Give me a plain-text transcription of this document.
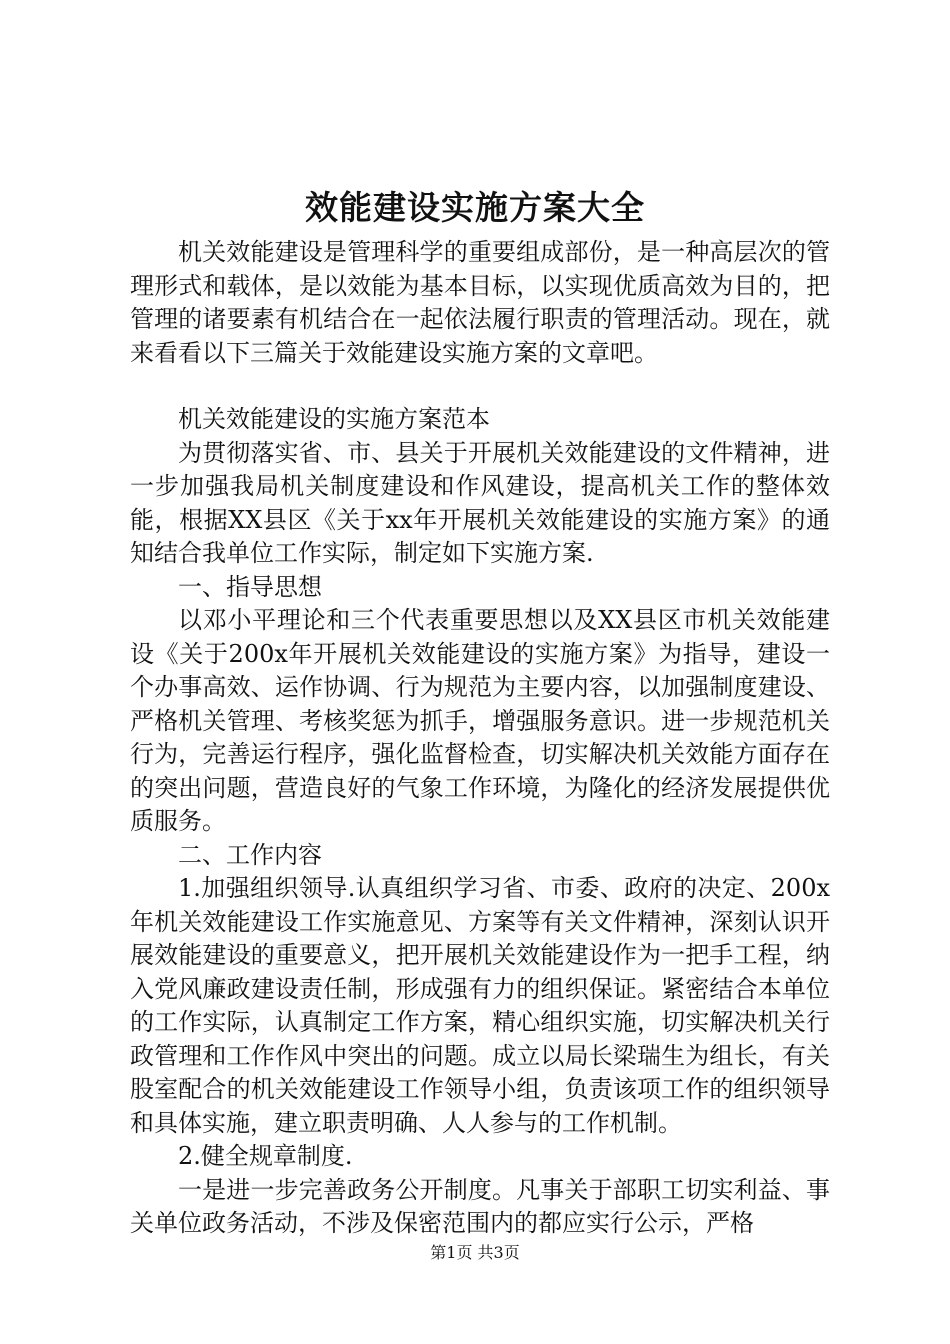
效能建设实施方案大全

机关效能建设是管理科学的重要组成部份，是一种高层次的管理形式和载体，是以效能为基本目标，以实现优质高效为目的，把管理的诸要素有机结合在一起依法履行职责的管理活动。现在，就来看看以下三篇关于效能建设实施方案的文章吧。

机关效能建设的实施方案范本

为贯彻落实省、市、县关于开展机关效能建设的文件精神，进一步加强我局机关制度建设和作风建设，提高机关工作的整体效能，根据XX县区《关于xx年开展机关效能建设的实施方案》的通知结合我单位工作实际，制定如下实施方案.

一、指导思想

以邓小平理论和三个代表重要思想以及XX县区市机关效能建设《关于200x年开展机关效能建设的实施方案》为指导，建设一个办事高效、运作协调、行为规范为主要内容，以加强制度建设、严格机关管理、考核奖惩为抓手，增强服务意识。进一步规范机关行为，完善运行程序，强化监督检查，切实解决机关效能方面存在的突出问题，营造良好的气象工作环境，为隆化的经济发展提供优质服务。

二、工作内容

1.加强组织领导.认真组织学习省、市委、政府的决定、200x年机关效能建设工作实施意见、方案等有关文件精神，深刻认识开展效能建设的重要意义，把开展机关效能建设作为一把手工程，纳入党风廉政建设责任制，形成强有力的组织保证。紧密结合本单位的工作实际，认真制定工作方案，精心组织实施，切实解决机关行政管理和工作作风中突出的问题。成立以局长梁瑞生为组长，有关股室配合的机关效能建设工作领导小组，负责该项工作的组织领导和具体实施，建立职责明确、人人参与的工作机制。

2.健全规章制度.

一是进一步完善政务公开制度。凡事关于部职工切实利益、事关单位政务活动，不涉及保密范围内的都应实行公示，严格

第1页 共3页
